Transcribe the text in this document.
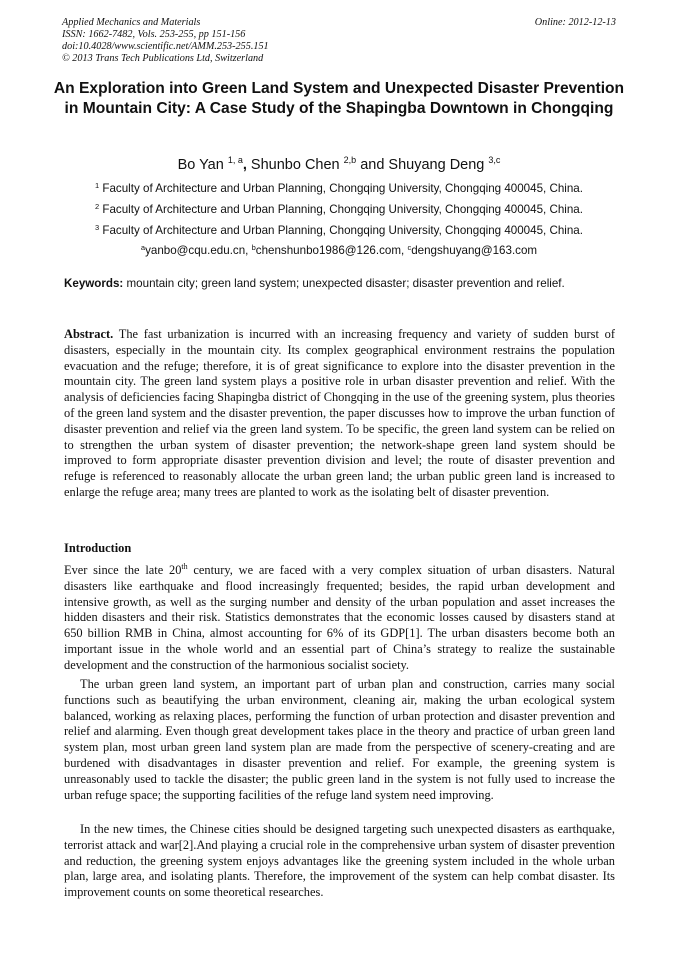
Applied Mechanics and Materials
ISSN: 1662-7482, Vols. 253-255, pp 151-156
doi:10.4028/www.scientific.net/AMM.253-255.151
© 2013 Trans Tech Publications Ltd, Switzerland
Online: 2012-12-13
An Exploration into Green Land System and Unexpected Disaster Prevention in Mountain City: A Case Study of the Shapingba Downtown in Chongqing
Bo Yan $^{1, a}$, Shunbo Chen $^{2,b}$ and Shuyang Deng $^{3,c}$
$^1$ Faculty of Architecture and Urban Planning, Chongqing University, Chongqing 400045, China.
$^2$ Faculty of Architecture and Urban Planning, Chongqing University, Chongqing 400045, China.
$^3$ Faculty of Architecture and Urban Planning, Chongqing University, Chongqing 400045, China.
$^a$yanbo@cqu.edu.cn, $^b$chenshunbo1986@126.com, $^c$dengshuyang@163.com
Keywords: mountain city; green land system; unexpected disaster; disaster prevention and relief.
Abstract. The fast urbanization is incurred with an increasing frequency and variety of sudden burst of disasters, especially in the mountain city. Its complex geographical environment restrains the population evacuation and the refuge; therefore, it is of great significance to explore into the disaster prevention in the mountain city. The green land system plays a positive role in urban disaster prevention and relief. With the analysis of deficiencies facing Shapingba district of Chongqing in the use of the greening system, plus theories of the green land system and the disaster prevention, the paper discusses how to improve the urban function of disaster prevention and relief via the green land system. To be specific, the green land system can be relied on to strengthen the urban system of disaster prevention; the network-shape green land system should be improved to form appropriate disaster prevention division and level; the route of disaster prevention and refuge is referenced to reasonably allocate the urban green land; the urban public green land is increased to enlarge the refuge area; many trees are planted to work as the isolating belt of disaster prevention.
Introduction
Ever since the late 20th century, we are faced with a very complex situation of urban disasters. Natural disasters like earthquake and flood increasingly frequented; besides, the rapid urban development and intensive growth, as well as the surging number and density of the urban population and asset increases the hidden disasters and their risk. Statistics demonstrates that the economic losses caused by disasters stand at 650 billion RMB in China, almost accounting for 6% of its GDP[1]. The urban disasters become both an important issue in the whole world and an essential part of China’s strategy to realize the sustainable development and the construction of the harmonious socialist society.
The urban green land system, an important part of urban plan and construction, carries many social functions such as beautifying the urban environment, cleaning air, making the urban ecological system balanced, working as relaxing places, performing the function of urban protection and disaster prevention and relief and alarming. Even though great development takes place in the theory and practice of urban green land system plan, most urban green land system plan are made from the perspective of scenery-creating and are burdened with disadvantages in disaster prevention and relief. For example, the greening system is unreasonably used to tackle the disaster; the public green land in the system is not fully used to increase the urban refuge space; the supporting facilities of the refuge land system need improving.
In the new times, the Chinese cities should be designed targeting such unexpected disasters as earthquake, terrorist attack and war[2].And playing a crucial role in the comprehensive urban system of disaster prevention and reduction, the greening system enjoys advantages like the greening system included in the whole urban plan, large area, and isolating plants. Therefore, the improvement of the system can help combat disaster. Its improvement counts on some theoretical researches.
